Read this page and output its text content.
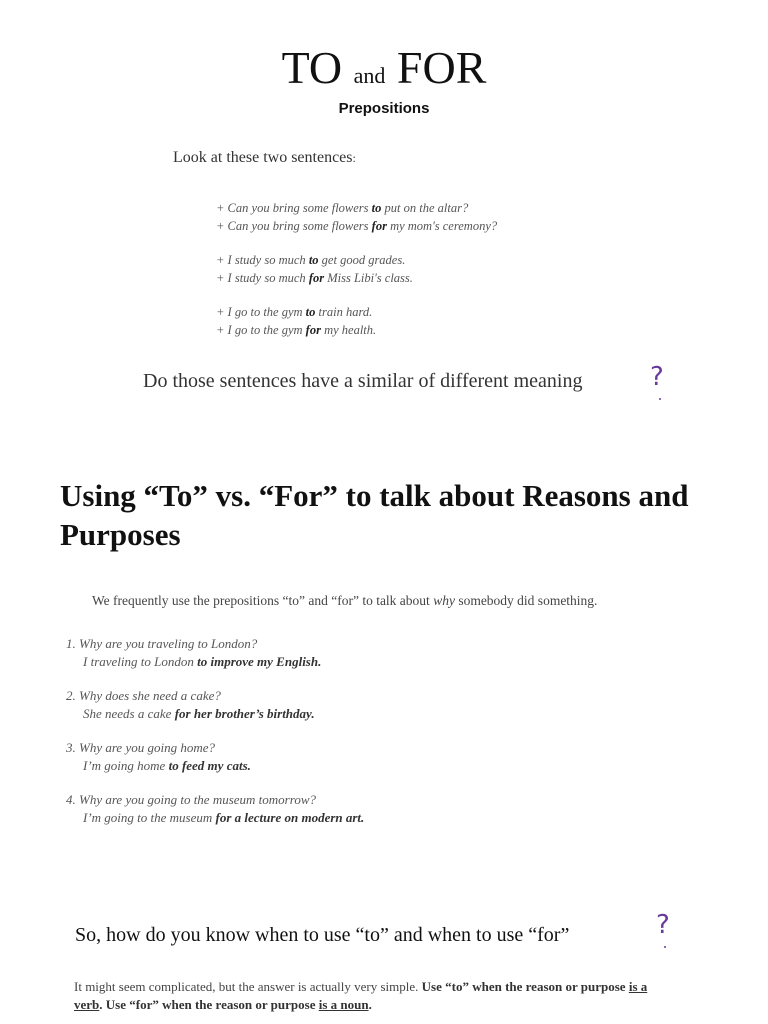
TO and FOR
Prepositions
Look at these two sentences:
+ Can you bring some flowers to put on the altar?
+ Can you bring some flowers for my mom's ceremony?
+ I study so much to get good grades.
+ I study so much for Miss Libi's class.
+ I go to the gym to train hard.
+ I go to the gym for my health.
Do those sentences have a similar of different meaning	?
Using “To” vs. “For” to talk about Reasons and Purposes
We frequently use the prepositions “to” and “for” to talk about why somebody did something.
1. Why are you traveling to London?
I traveling to London to improve my English.
2. Why does she need a cake?
She needs a cake for her brother’s birthday.
3. Why are you going home?
I’m going home to feed my cats.
4. Why are you going to the museum tomorrow?
I’m going to the museum for a lecture on modern art.
So, how do you know when to use “to” and when to use “for”	?
It might seem complicated, but the answer is actually very simple. Use “to” when the reason or purpose is a verb. Use “for” when the reason or purpose is a noun.
